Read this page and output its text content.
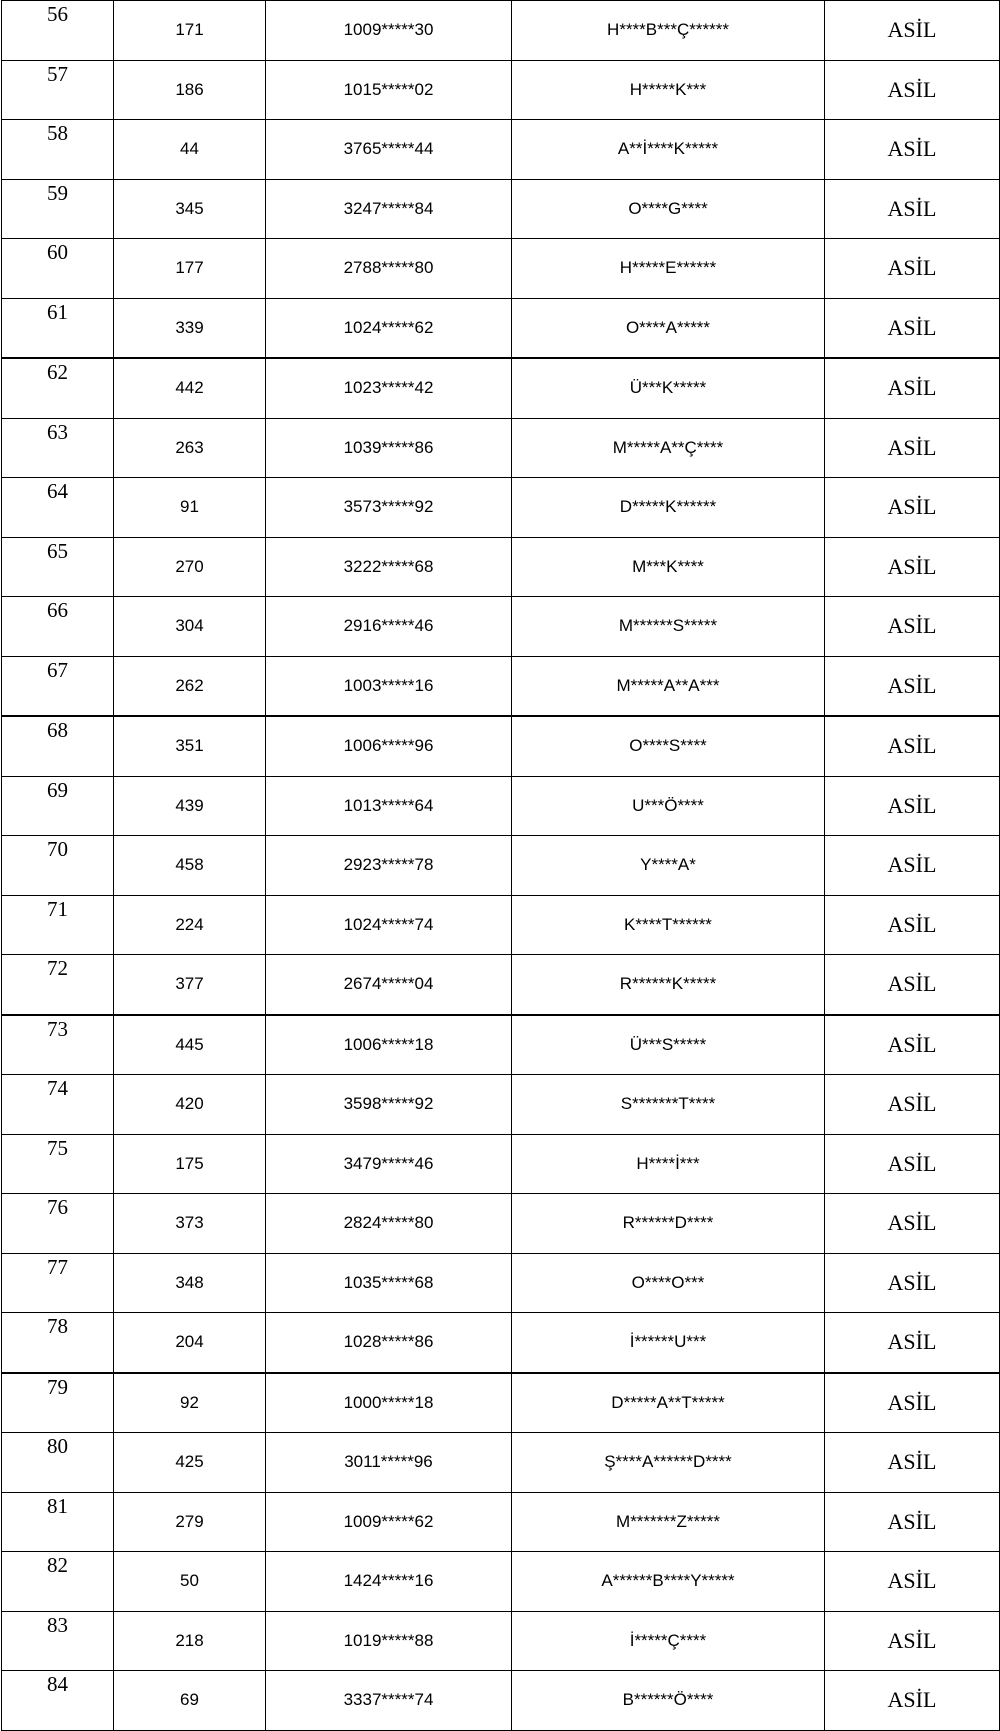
56	171	1009*****30	H****B***Ç******	ASİL
57	186	1015*****02	H*****K***	ASİL
58	44	3765*****44	A**İ****K*****	ASİL
59	345	3247*****84	O****G****	ASİL
60	177	2788*****80	H*****E******	ASİL
61	339	1024*****62	O****A*****	ASİL
62	442	1023*****42	Ü***K*****	ASİL
63	263	1039*****86	M*****A**Ç****	ASİL
64	91	3573*****92	D*****K******	ASİL
65	270	3222*****68	M***K****	ASİL
66	304	2916*****46	M******S*****	ASİL
67	262	1003*****16	M*****A**A***	ASİL
68	351	1006*****96	O****S****	ASİL
69	439	1013*****64	U***Ö****	ASİL
70	458	2923*****78	Y****A*	ASİL
71	224	1024*****74	K****T******	ASİL
72	377	2674*****04	R******K*****	ASİL
73	445	1006*****18	Ü***S*****	ASİL
74	420	3598*****92	S*******T****	ASİL
75	175	3479*****46	H****İ***	ASİL
76	373	2824*****80	R******D****	ASİL
77	348	1035*****68	O****O***	ASİL
78	204	1028*****86	İ******U***	ASİL
79	92	1000*****18	D*****A**T*****	ASİL
80	425	3011*****96	Ş****A******D****	ASİL
81	279	1009*****62	M*******Z*****	ASİL
82	50	1424*****16	A******B****Y*****	ASİL
83	218	1019*****88	İ*****Ç****	ASİL
84	69	3337*****74	B******Ö****	ASİL
